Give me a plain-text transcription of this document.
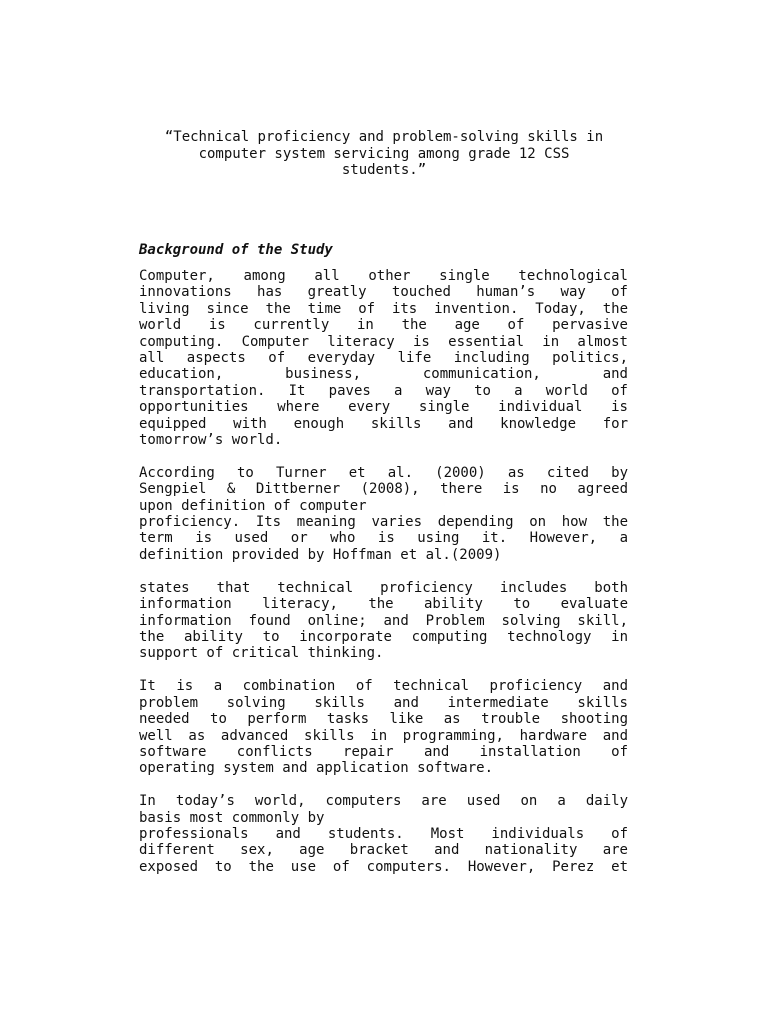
“Technical proficiency and problem-solving skills in
computer system servicing among grade 12 CSS
students.”
Background of the Study
Computer, among all other single technological
innovations has greatly touched human’s way of
living since the time of its invention. Today, the
world is currently in the age of pervasive
computing. Computer literacy is essential in almost
all aspects of everyday life including politics,
education, business, communication, and
transportation. It paves a way to a world of
opportunities where every single individual is
equipped with enough skills and knowledge for
tomorrow’s world.
According to Turner et al. (2000) as cited by
Sengpiel & Dittberner (2008), there is no agreed
upon definition of computer
proficiency. Its meaning varies depending on how the
term is used or who is using it. However, a
definition provided by Hoffman et al.(2009)
states that technical proficiency includes both
information literacy, the ability to evaluate
information found online; and Problem solving skill,
the ability to incorporate computing technology in
support of critical thinking.
It is a combination of technical proficiency and
problem solving skills and intermediate skills
needed to perform tasks like as trouble shooting
well as advanced skills in programming, hardware and
software conflicts repair and installation of
operating system and application software.
In today’s world, computers are used on a daily
basis most commonly by
professionals and students. Most individuals of
different sex, age bracket and nationality are
exposed to the use of computers. However, Perez et
